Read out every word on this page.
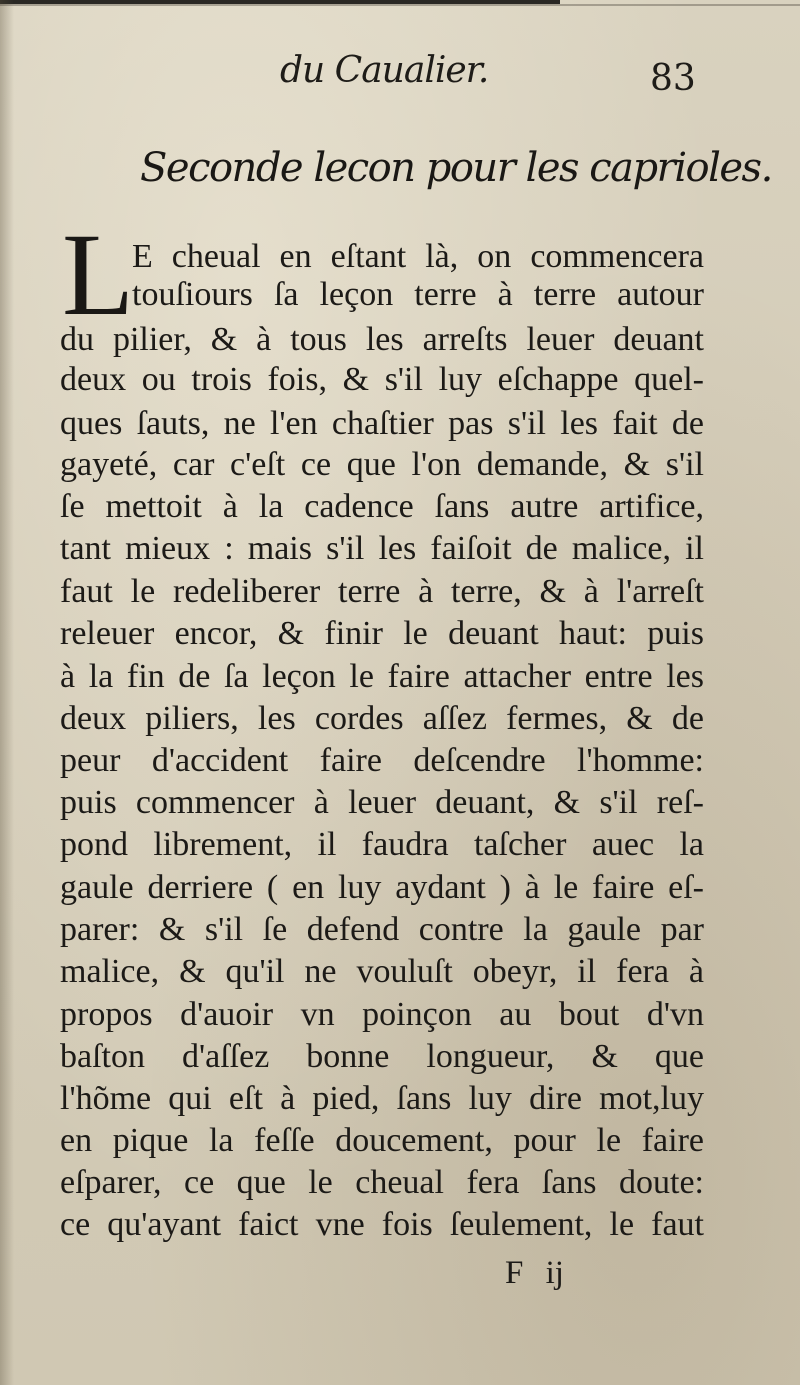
du Caualier.	83
Seconde lecon pour les caprioles.
L
E cheual en eſtant là, on commencera
touſiours ſa leçon terre à terre autour
du pilier, & à tous les arreſts leuer deuant
deux ou trois fois, & s'il luy eſchappe quel-
ques ſauts, ne l'en chaſtier pas s'il les fait de
gayeté, car c'eſt ce que l'on demande, & s'il
ſe mettoit à la cadence ſans autre artifice,
tant mieux : mais s'il les faiſoit de malice, il
faut le redeliberer terre à terre, & à l'arreſt
releuer encor, & finir le deuant haut: puis
à la fin de ſa leçon le faire attacher entre les
deux piliers, les cordes aſſez fermes, & de
peur d'accident faire deſcendre l'homme:
puis commencer à leuer deuant, & s'il reſ-
pond librement, il faudra taſcher auec la
gaule derriere ( en luy aydant ) à le faire eſ-
parer: & s'il ſe defend contre la gaule par
malice, & qu'il ne vouluſt obeyr, il fera à
propos d'auoir vn poinçon au bout d'vn
baſton d'aſſez bonne longueur, & que
l'hõme qui eſt à pied, ſans luy dire mot,luy
en pique la feſſe doucement, pour le faire
eſparer, ce que le cheual fera ſans doute:
ce qu'ayant faict vne fois ſeulement, le faut
F ij
